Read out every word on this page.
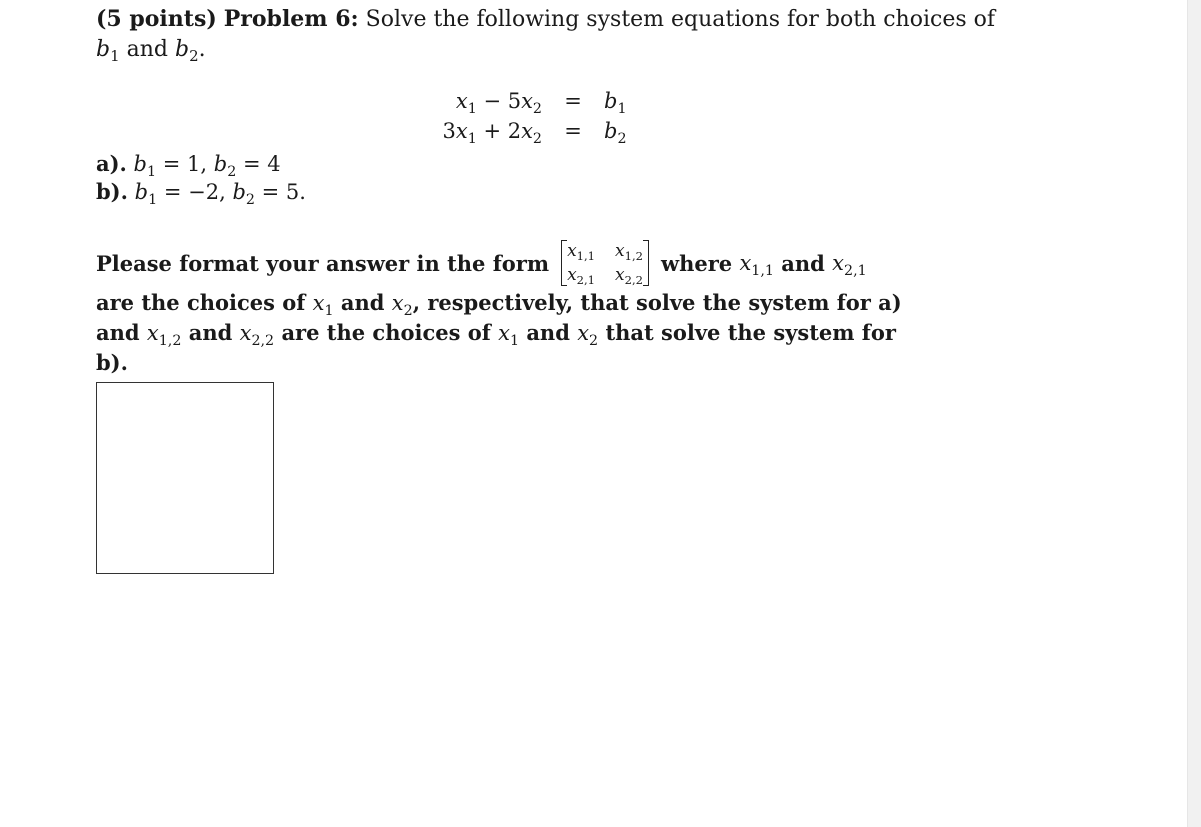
(5 points) Problem 6: Solve the following system equations for both choices of
$b_1$ and $b_2$.
$x_1 - 5x_2$	=	$b_1$
$3x_1 + 2x_2$	=	$b_2$
a). $b_1 = 1$, $b_2 = 4$
b). $b_1 = -2$, $b_2 = 5$.
Please format your answer in the form $x_{1,1}$ $x_{1,2}$
$x_{2,1}$ $x_{2,2}$
where
$x_{1,1}$
and
$x_{2,1}$
are the choices of $x_1$ and $x_2$, respectively, that solve the system for a)
and $x_{1,2}$ and $x_{2,2}$ are the choices of $x_1$ and $x_2$ that solve the system for
b).
